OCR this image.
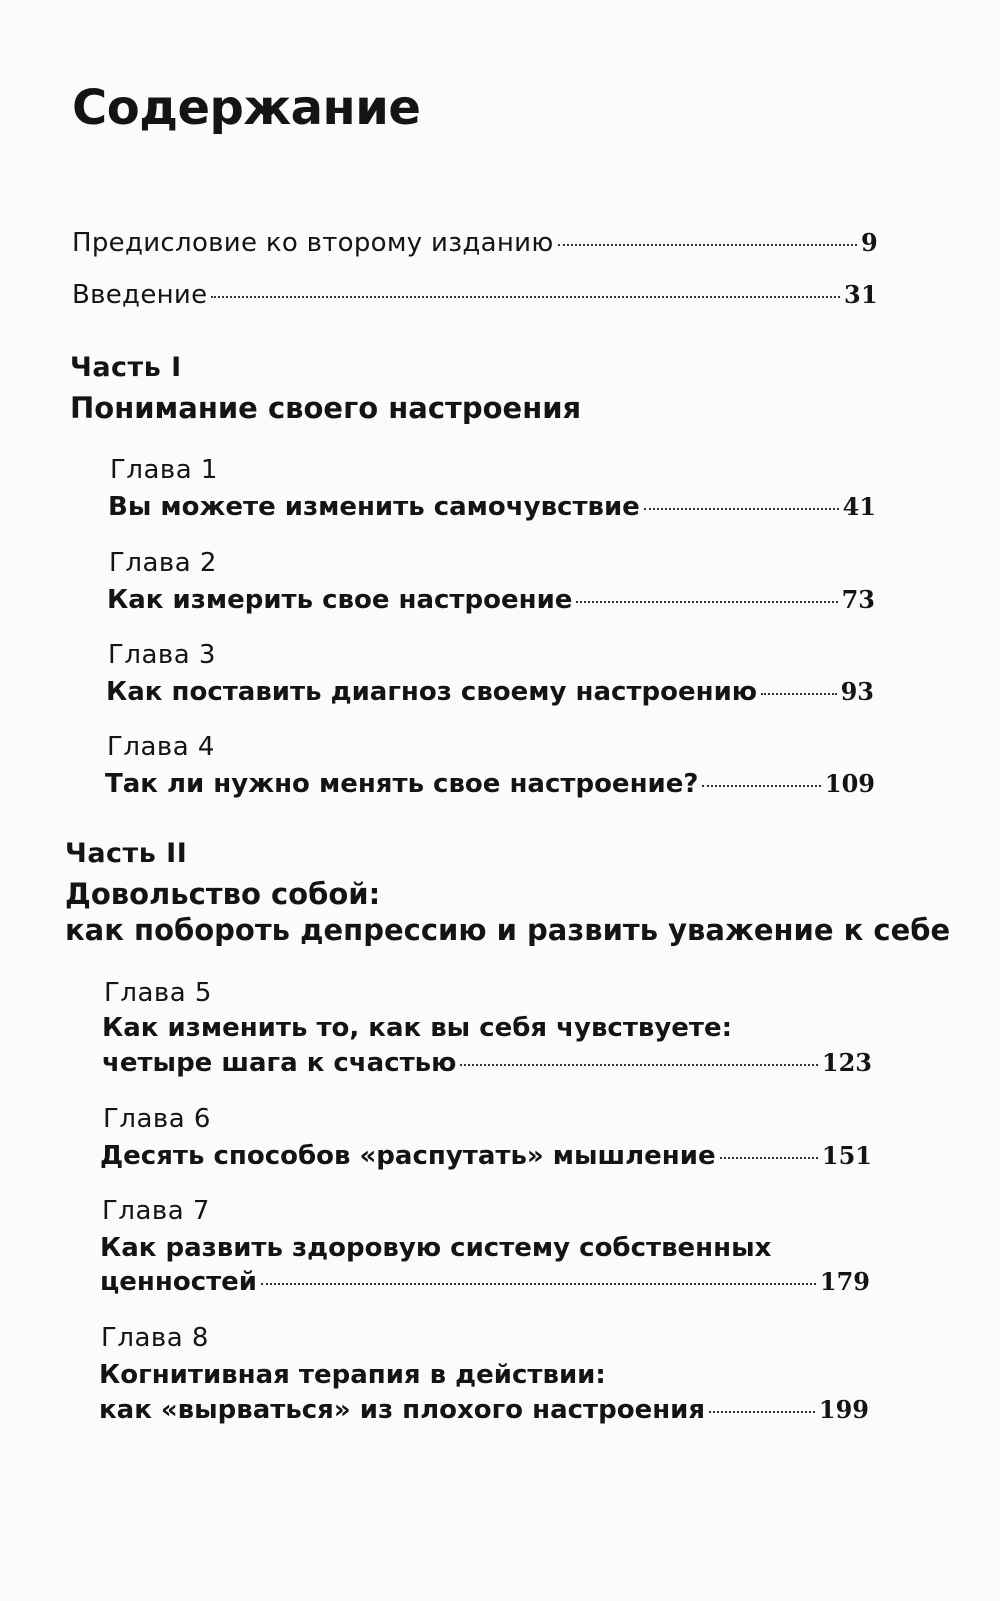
Содержание
Предисловие ко второму изданию	9
Введение	31
Часть I
Понимание своего настроения
Глава 1
Вы можете изменить самочувствие	41
Глава 2
Как измерить свое настроение	73
Глава 3
Как поставить диагноз своему настроению	93
Глава 4
Так ли нужно менять свое настроение?	109
Часть II
Довольство собой:
как побороть депрессию и развить уважение к себе
Глава 5
Как изменить то, как вы себя чувствуете:
четыре шага к счастью	123
Глава 6
Десять способов «распутать» мышление	151
Глава 7
Как развить здоровую систему собственных
ценностей	179
Глава 8
Когнитивная терапия в действии:
как «вырваться» из плохого настроения	199
